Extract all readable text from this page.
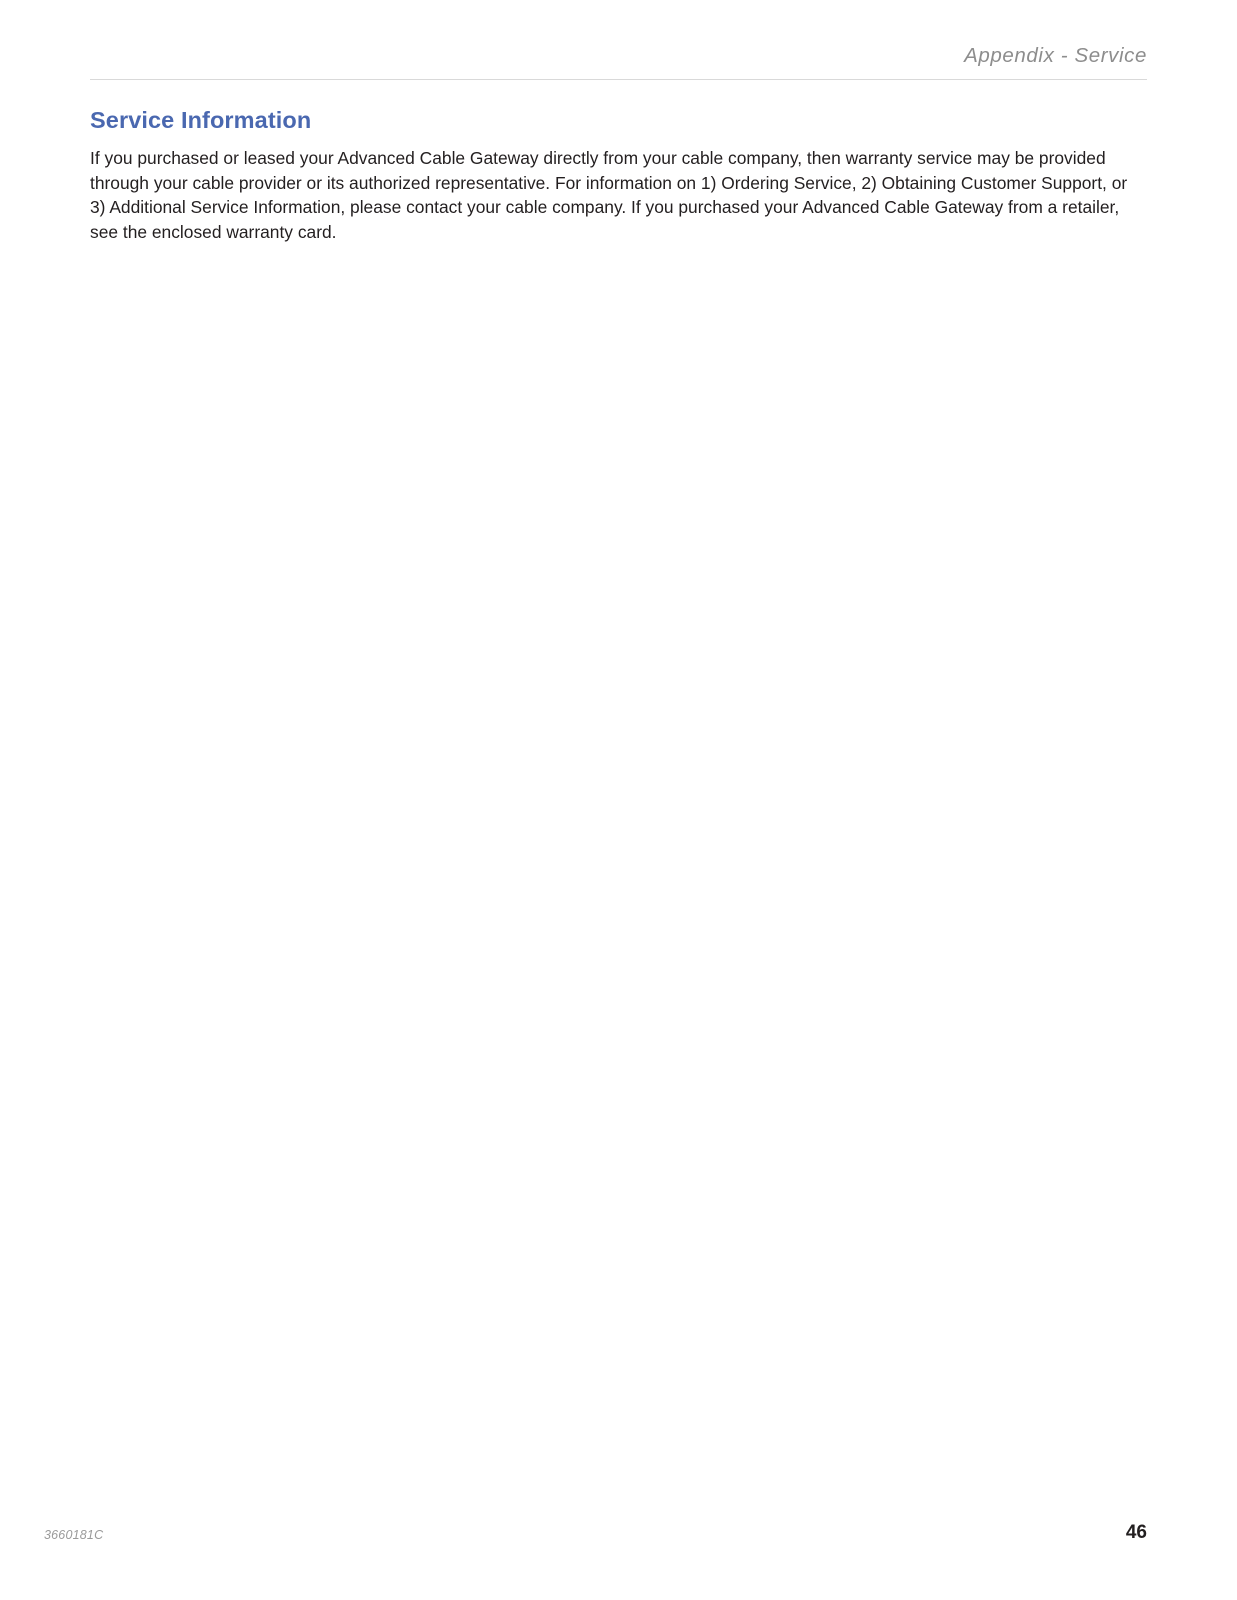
Appendix - Service
Service Information

If you purchased or leased your Advanced Cable Gateway directly from your cable company, then warranty service may be provided through your cable provider or its authorized representative. For information on 1) Ordering Service, 2) Obtaining Customer Support, or 3) Additional Service Information, please contact your cable company. If you purchased your Advanced Cable Gateway from a retailer, see the enclosed warranty card.

3660181C	46
